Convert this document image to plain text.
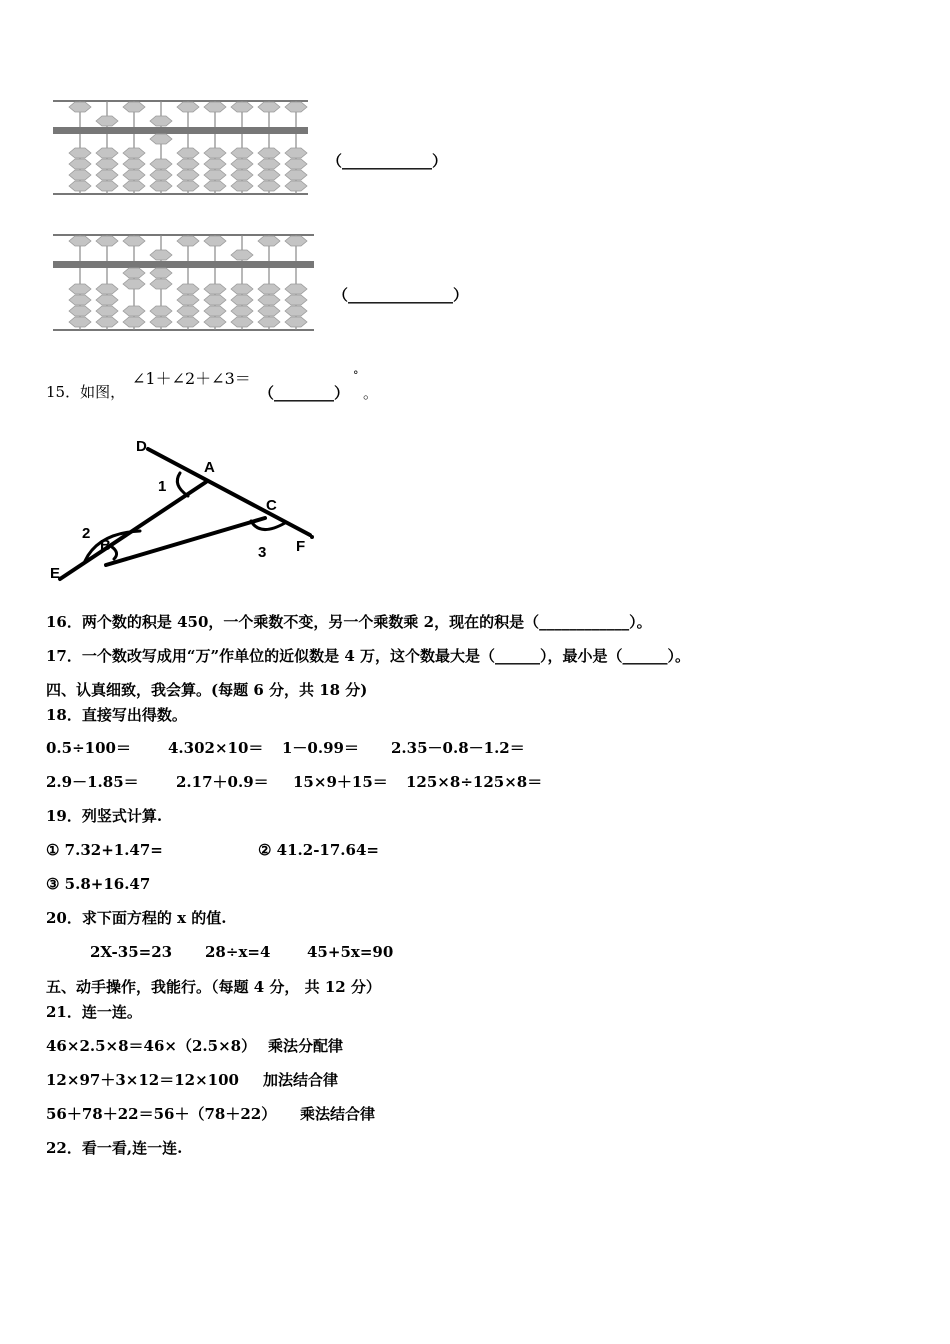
（____________）
（______________）
15．如图，
∠1＋∠2＋∠3＝
（________）
°
。
D
A
C
F
E
B
1
2
3
16．两个数的积是 450，一个乘数不变，另一个乘数乘 2，现在的积是（____________）。
17．一个数改写成用“万”作单位的近似数是 4 万，这个数最大是（______），最小是（______）。
四、认真细致，我会算。(每题 6 分，共 18 分)
18．直接写出得数。
0.5÷100＝ 4.302×10＝ 1－0.99＝ 2.35－0.8－1.2＝
2.9－1.85＝ 2.17＋0.9＝ 15×9＋15＝ 125×8÷125×8＝
19．列竖式计算.
① 7.32+1.47=	② 41.2-17.64=
③ 5.8+16.47
20．求下面方程的 x 的值.
2X-35=23 28÷x=4 45+5x=90
五、动手操作，我能行。（每题 4 分， 共 12 分）
21．连一连。
46×2.5×8＝46×（2.5×8） 乘法分配律
12×97＋3×12＝12×100 加法结合律
56＋78＋22＝56＋（78＋22） 乘法结合律
22．看一看,连一连.
